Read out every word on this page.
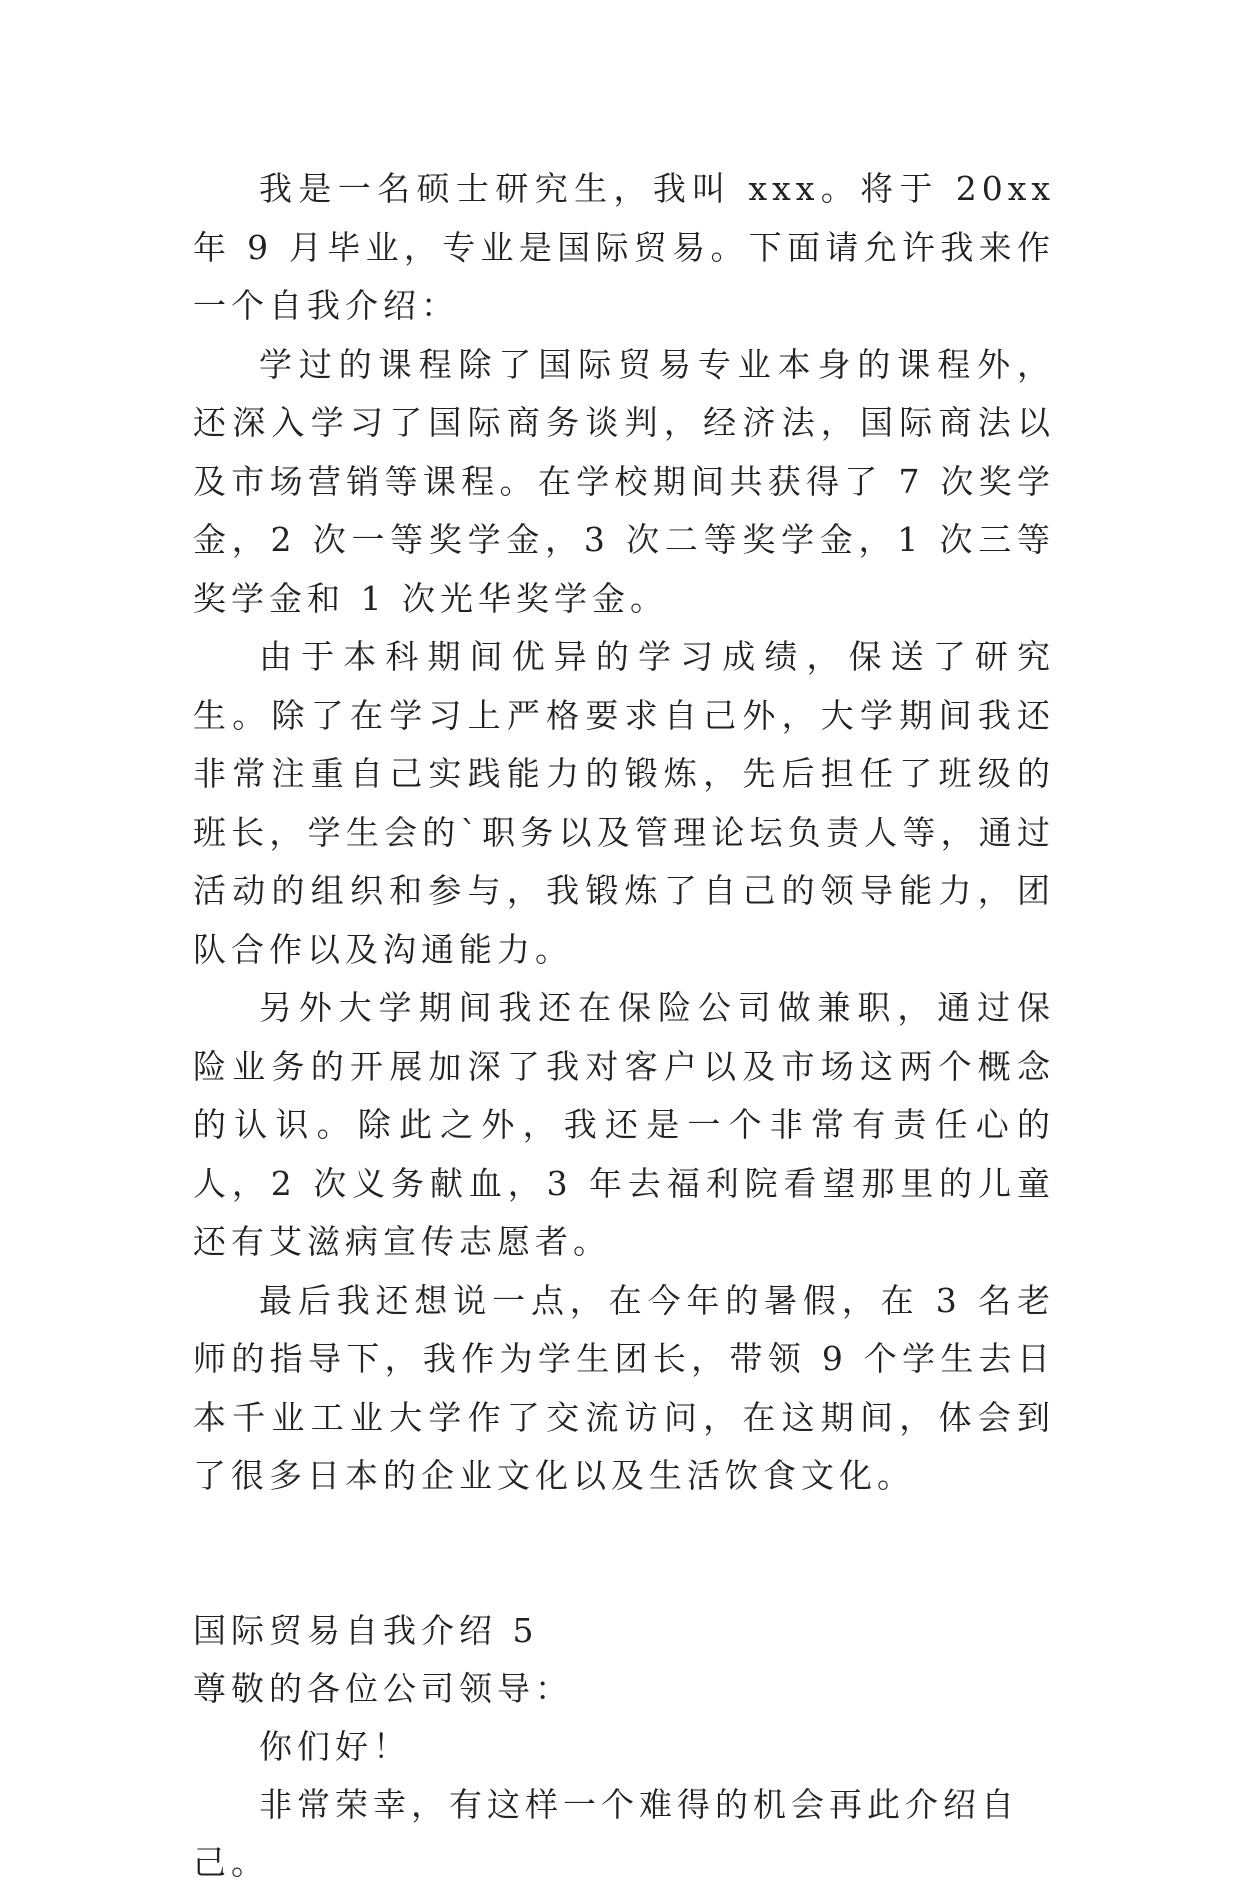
我是一名硕士研究生，我叫 xxx。将于 20xx 年 9 月毕业，专业是国际贸易。下面请允许我来作一个自我介绍：

学过的课程除了国际贸易专业本身的课程外，还深入学习了国际商务谈判，经济法，国际商法以及市场营销等课程。在学校期间共获得了 7 次奖学金，2 次一等奖学金，3 次二等奖学金，1 次三等奖学金和 1 次光华奖学金。

由于本科期间优异的学习成绩，保送了研究生。除了在学习上严格要求自己外，大学期间我还非常注重自己实践能力的锻炼，先后担任了班级的班长，学生会的`职务以及管理论坛负责人等，通过活动的组织和参与，我锻炼了自己的领导能力，团队合作以及沟通能力。

另外大学期间我还在保险公司做兼职，通过保险业务的开展加深了我对客户以及市场这两个概念的认识。除此之外，我还是一个非常有责任心的人，2 次义务献血，3 年去福利院看望那里的儿童还有艾滋病宣传志愿者。

最后我还想说一点，在今年的暑假，在 3 名老师的指导下，我作为学生团长，带领 9 个学生去日本千业工业大学作了交流访问，在这期间，体会到了很多日本的企业文化以及生活饮食文化。

国际贸易自我介绍 5

尊敬的各位公司领导：

你们好！

非常荣幸，有这样一个难得的机会再此介绍自己。
